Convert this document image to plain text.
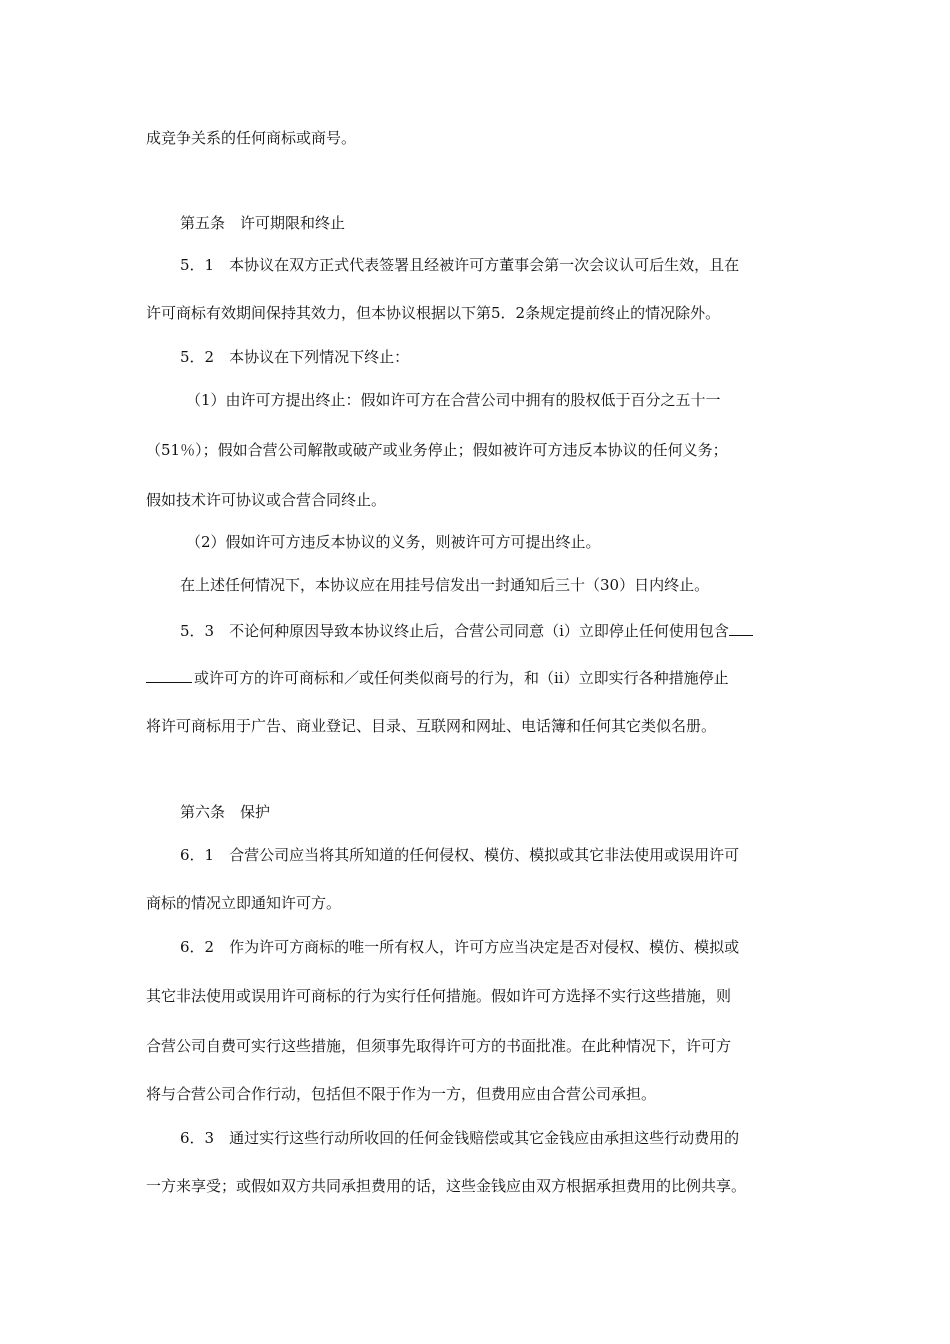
成竞争关系的任何商标或商号。
第五条　许可期限和终止
5．1　本协议在双方正式代表签署且经被许可方董事会第一次会议认可后生效，且在
许可商标有效期间保持其效力，但本协议根据以下第5．2条规定提前终止的情况除外。
5．2　本协议在下列情况下终止：
（1）由许可方提出终止：假如许可方在合营公司中拥有的股权低于百分之五十一
（51％）；假如合营公司解散或破产或业务停止；假如被许可方违反本协议的任何义务；
假如技术许可协议或合营合同终止。
（2）假如许可方违反本协议的义务，则被许可方可提出终止。
在上述任何情况下，本协议应在用挂号信发出一封通知后三十（30）日内终止。
5．3　不论何种原因导致本协议终止后，合营公司同意（i）立即停止任何使用包含
或许可方的许可商标和／或任何类似商号的行为，和（ii）立即实行各种措施停止
将许可商标用于广告、商业登记、目录、互联网和网址、电话簿和任何其它类似名册。
第六条　保护
6．1　合营公司应当将其所知道的任何侵权、模仿、模拟或其它非法使用或误用许可
商标的情况立即通知许可方。
6．2　作为许可方商标的唯一所有权人，许可方应当决定是否对侵权、模仿、模拟或
其它非法使用或误用许可商标的行为实行任何措施。假如许可方选择不实行这些措施，则
合营公司自费可实行这些措施，但须事先取得许可方的书面批准。在此种情况下，许可方
将与合营公司合作行动，包括但不限于作为一方，但费用应由合营公司承担。
6．3　通过实行这些行动所收回的任何金钱赔偿或其它金钱应由承担这些行动费用的
一方来享受；或假如双方共同承担费用的话，这些金钱应由双方根据承担费用的比例共享。
